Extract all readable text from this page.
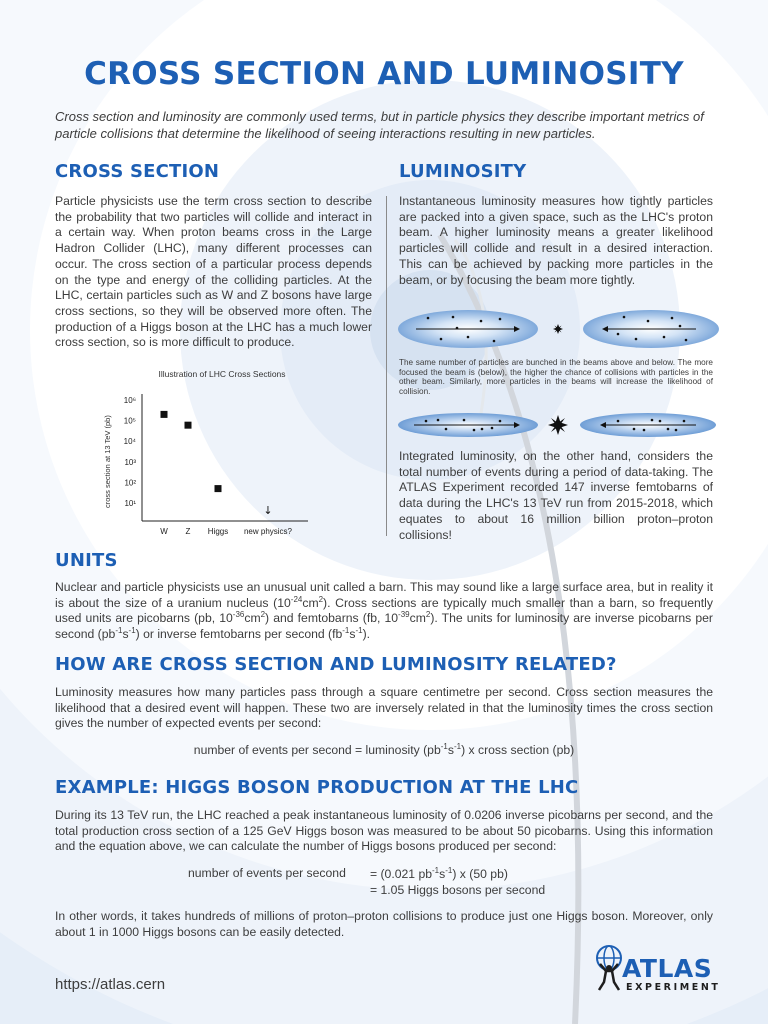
CROSS SECTION AND LUMINOSITY
Cross section and luminosity are commonly used terms, but in particle physics they describe important metrics of particle collisions that determine the likelihood of seeing interactions resulting in new particles.
CROSS SECTION

Particle physicists use the term cross section to describe the probability that two particles will collide and interact in a certain way. When proton beams cross in the Large Hadron Collider (LHC), many different processes can occur. The cross section of a particular process depends on the type and energy of the colliding particles. At the LHC, certain particles such as W and Z bosons have large cross sections, so they will be observed more often. The production of a Higgs boson at the LHC has a much lower cross section, so is more difficult to produce.

Illustration of LHC Cross Sections
cross section at 13 TeV (pb) 10¹
10²
10³
10⁴
10⁵
10⁶
W Z Higgs new physics?
↓
LUMINOSITY

Instantaneous luminosity measures how tightly particles are packed into a given space, such as the LHC's proton beam. A higher luminosity means a greater likelihood particles will collide and result in a desired interaction. This can be achieved by packing more particles in the beam, or by focusing the beam more tightly.

The same number of particles are bunched in the beams above and below. The more focused the beam is (below), the higher the chance of collisions with particles in the other beam. Similarly, more particles in the beams will increase the likelihood of collision.

Integrated luminosity, on the other hand, considers the total number of events during a period of data-taking. The ATLAS Experiment recorded 147 inverse femtobarns of data during the LHC's 13 TeV run from 2015-2018, which equates to about 16 million billion proton–proton collisions!

UNITS

Nuclear and particle physicists use an unusual unit called a barn. This may sound like a large surface area, but in reality it is about the size of a uranium nucleus $(10^{-24}cm^2)$. Cross sections are typically much smaller than a barn, so frequently used units are picobarns (pb, $10^{-36}cm^2$) and femtobarns (fb, $10^{-39}cm^2$). The units for luminosity are inverse picobarns per second $(pb^{-1}s^{-1})$ or inverse femtobarns per second $(fb^{-1}s^{-1})$.

HOW ARE CROSS SECTION AND LUMINOSITY RELATED?

Luminosity measures how many particles pass through a square centimetre per second. Cross section measures the likelihood that a desired event will happen. These two are inversely related in that the luminosity times the cross section gives the number of expected events per second:

number of events per second = luminosity $(pb^{-1}s^{-1})$ x cross section (pb)

EXAMPLE: HIGGS BOSON PRODUCTION AT THE LHC

During its 13 TeV run, the LHC reached a peak instantaneous luminosity of 0.0206 inverse picobarns per second, and the total production cross section of a 125 GeV Higgs boson was measured to be about 50 picobarns. Using this information and the equation above, we can calculate the number of Higgs bosons produced per second:

number of events per second = (0.021 $pb^{-1}s^{-1}$) x (50 pb)
= 1.05 Higgs bosons per second

In other words, it takes hundreds of millions of proton–proton collisions to produce just one Higgs boson. Moreover, only about 1 in 1000 Higgs bosons can be easily detected.

https://atlas.cern
ATLAS
EXPERIMENT
